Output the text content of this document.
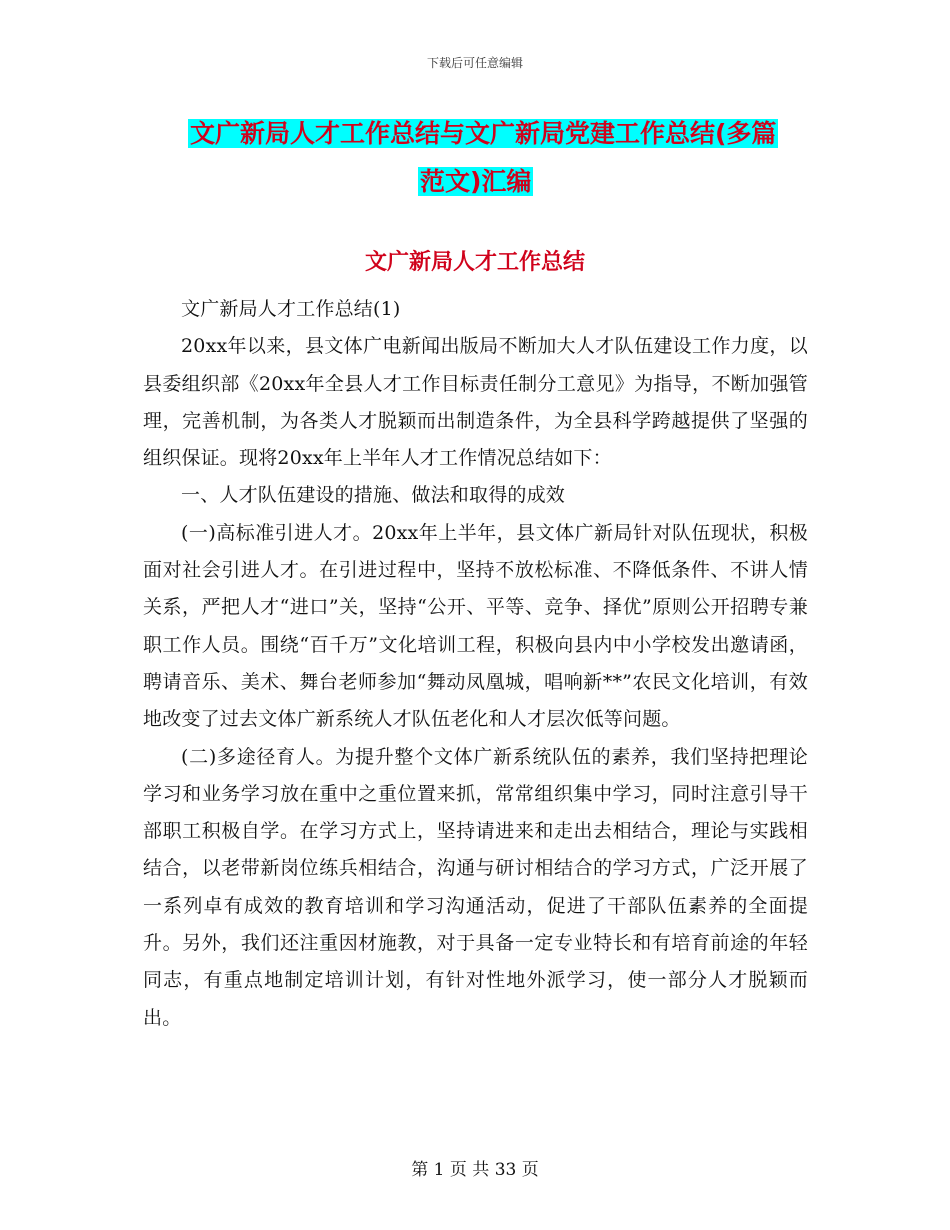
下载后可任意编辑
文广新局人才工作总结与文广新局党建工作总结(多篇
范文)汇编
文广新局人才工作总结

文广新局人才工作总结(1)

20xx年以来，县文体广电新闻出版局不断加大人才队伍建设工作力度，以县委组织部《20xx年全县人才工作目标责任制分工意见》为指导，不断加强管理，完善机制，为各类人才脱颖而出制造条件，为全县科学跨越提供了坚强的组织保证。现将20xx年上半年人才工作情况总结如下：

一、人才队伍建设的措施、做法和取得的成效

(一)高标准引进人才。20xx年上半年，县文体广新局针对队伍现状，积极面对社会引进人才。在引进过程中，坚持不放松标准、不降低条件、不讲人情关系，严把人才“进口”关，坚持“公开、平等、竞争、择优”原则公开招聘专兼职工作人员。围绕“百千万”文化培训工程，积极向县内中小学校发出邀请函，聘请音乐、美术、舞台老师参加“舞动凤凰城，唱响新**”农民文化培训，有效地改变了过去文体广新系统人才队伍老化和人才层次低等问题。

(二)多途径育人。为提升整个文体广新系统队伍的素养，我们坚持把理论学习和业务学习放在重中之重位置来抓，常常组织集中学习，同时注意引导干部职工积极自学。在学习方式上，坚持请进来和走出去相结合，理论与实践相结合，以老带新岗位练兵相结合，沟通与研讨相结合的学习方式，广泛开展了一系列卓有成效的教育培训和学习沟通活动，促进了干部队伍素养的全面提升。另外，我们还注重因材施教，对于具备一定专业特长和有培育前途的年轻同志，有重点地制定培训计划，有针对性地外派学习，使一部分人才脱颖而出。

第 1 页 共 33 页
